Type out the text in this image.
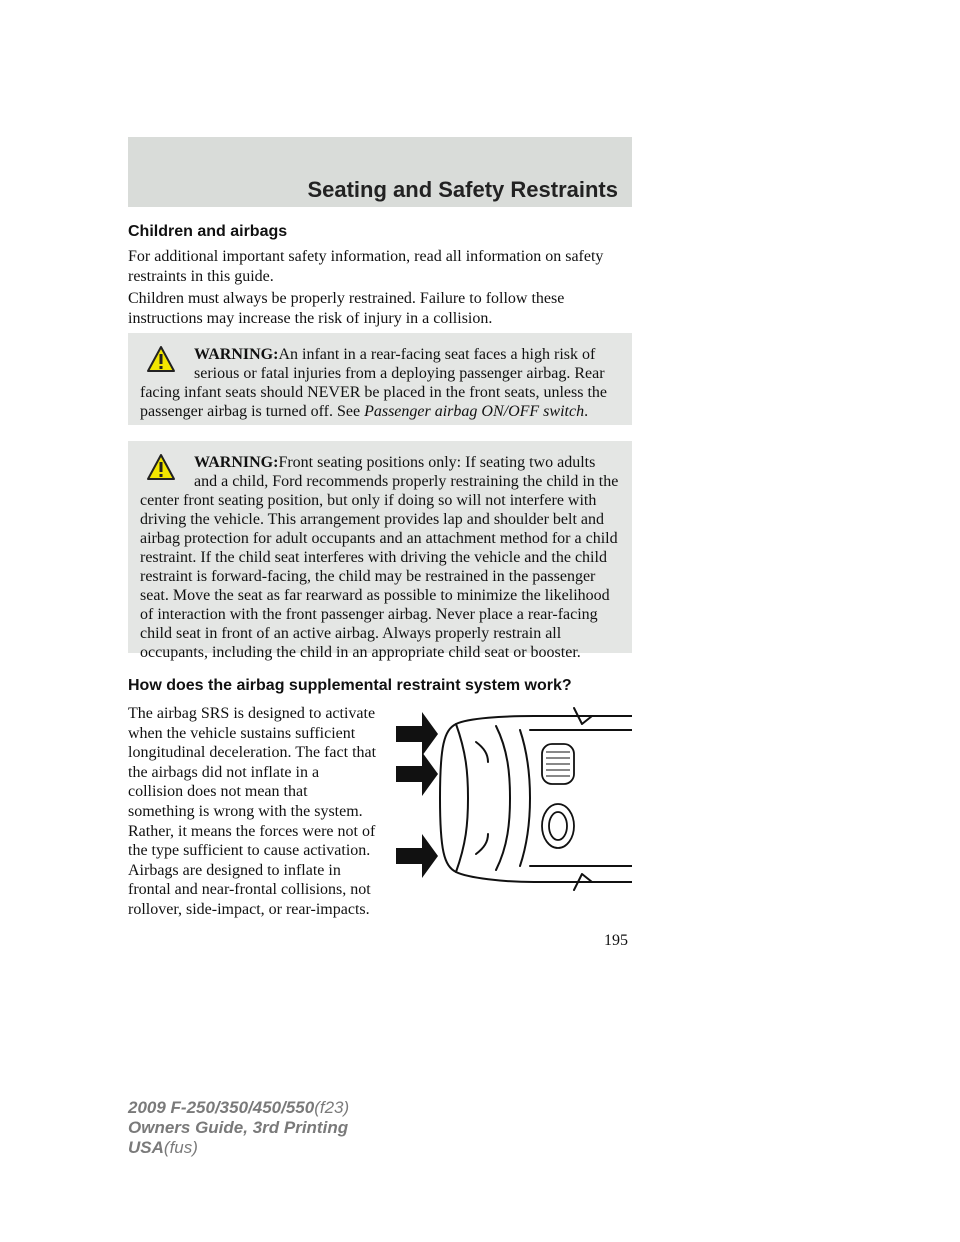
Seating and Safety Restraints
Children and airbags

For additional important safety information, read all information on safety restraints in this guide.

Children must always be properly restrained. Failure to follow these instructions may increase the risk of injury in a collision.

WARNING:An infant in a rear-facing seat faces a high risk of serious or fatal injuries from a deploying passenger airbag. Rear facing infant seats should NEVER be placed in the front seats, unless the passenger airbag is turned off. See Passenger airbag ON/OFF switch.
WARNING:Front seating positions only: If seating two adults and a child, Ford recommends properly restraining the child in the center front seating position, but only if doing so will not interfere with driving the vehicle. This arrangement provides lap and shoulder belt and airbag protection for adult occupants and an attachment method for a child restraint. If the child seat interferes with driving the vehicle and the child restraint is forward-facing, the child may be restrained in the passenger seat. Move the seat as far rearward as possible to minimize the likelihood of interaction with the front passenger airbag. Never place a rear-facing child seat in front of an active airbag. Always properly restrain all occupants, including the child in an appropriate child seat or booster.
How does the airbag supplemental restraint system work?

The airbag SRS is designed to activate when the vehicle sustains sufficient longitudinal deceleration. The fact that the airbags did not inflate in a collision does not mean that something is wrong with the system. Rather, it means the forces were not of the type sufficient to cause activation. Airbags are designed to inflate in frontal and near-frontal collisions, not rollover, side-impact, or rear-impacts.

195

2009 F-250/350/450/550(f23)
Owners Guide, 3rd Printing
USA(fus)
